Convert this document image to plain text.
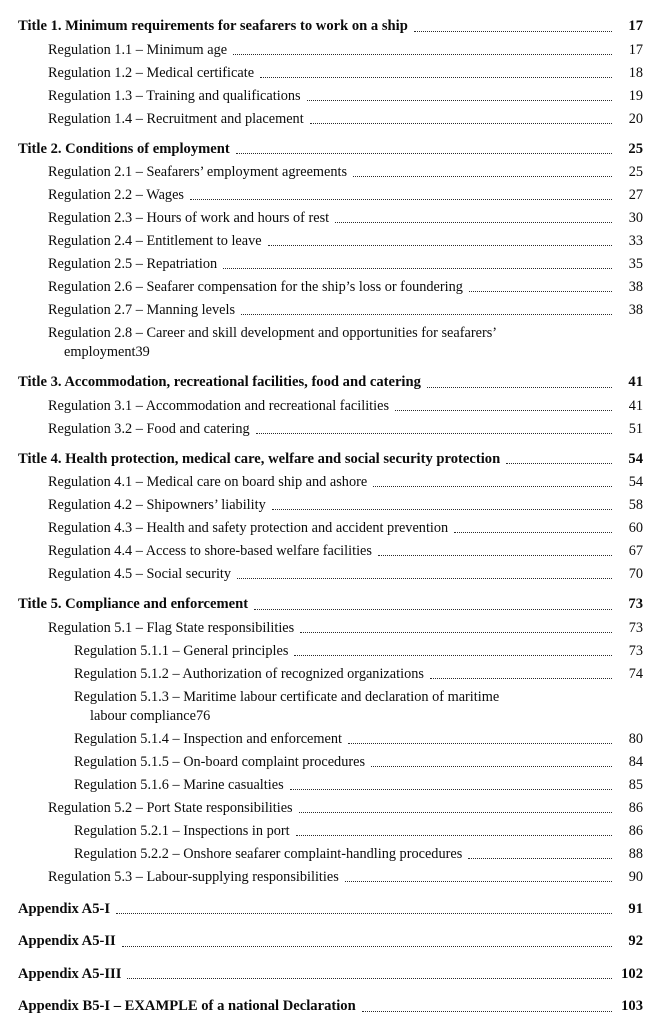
Title 1. Minimum requirements for seafarers to work on a ship	17
Regulation 1.1 – Minimum age	17
Regulation 1.2 – Medical certificate	18
Regulation 1.3 – Training and qualifications	19
Regulation 1.4 – Recruitment and placement	20
Title 2. Conditions of employment	25
Regulation 2.1 – Seafarers’ employment agreements	25
Regulation 2.2 – Wages	27
Regulation 2.3 – Hours of work and hours of rest	30
Regulation 2.4 – Entitlement to leave	33
Regulation 2.5 – Repatriation	35
Regulation 2.6 – Seafarer compensation for the ship’s loss or foundering	38
Regulation 2.7 – Manning levels	38
Regulation 2.8 – Career and skill development and opportunities for seafarers’
employment 39
Title 3. Accommodation, recreational facilities, food and catering	41
Regulation 3.1 – Accommodation and recreational facilities	41
Regulation 3.2 – Food and catering	51
Title 4. Health protection, medical care, welfare and social security protection	54
Regulation 4.1 – Medical care on board ship and ashore	54
Regulation 4.2 – Shipowners’ liability	58
Regulation 4.3 – Health and safety protection and accident prevention	60
Regulation 4.4 – Access to shore-based welfare facilities	67
Regulation 4.5 – Social security	70
Title 5. Compliance and enforcement	73
Regulation 5.1 – Flag State responsibilities	73
Regulation 5.1.1 – General principles	73
Regulation 5.1.2 – Authorization of recognized organizations	74
Regulation 5.1.3 – Maritime labour certificate and declaration of maritime
labour compliance 76
Regulation 5.1.4 – Inspection and enforcement	80
Regulation 5.1.5 – On-board complaint procedures	84
Regulation 5.1.6 – Marine casualties	85
Regulation 5.2 – Port State responsibilities	86
Regulation 5.2.1 – Inspections in port	86
Regulation 5.2.2 – Onshore seafarer complaint-handling procedures	88
Regulation 5.3 – Labour-supplying responsibilities	90
Appendix A5-I	91
Appendix A5-II	92
Appendix A5-III	102
Appendix B5-I – EXAMPLE of a national Declaration	103
